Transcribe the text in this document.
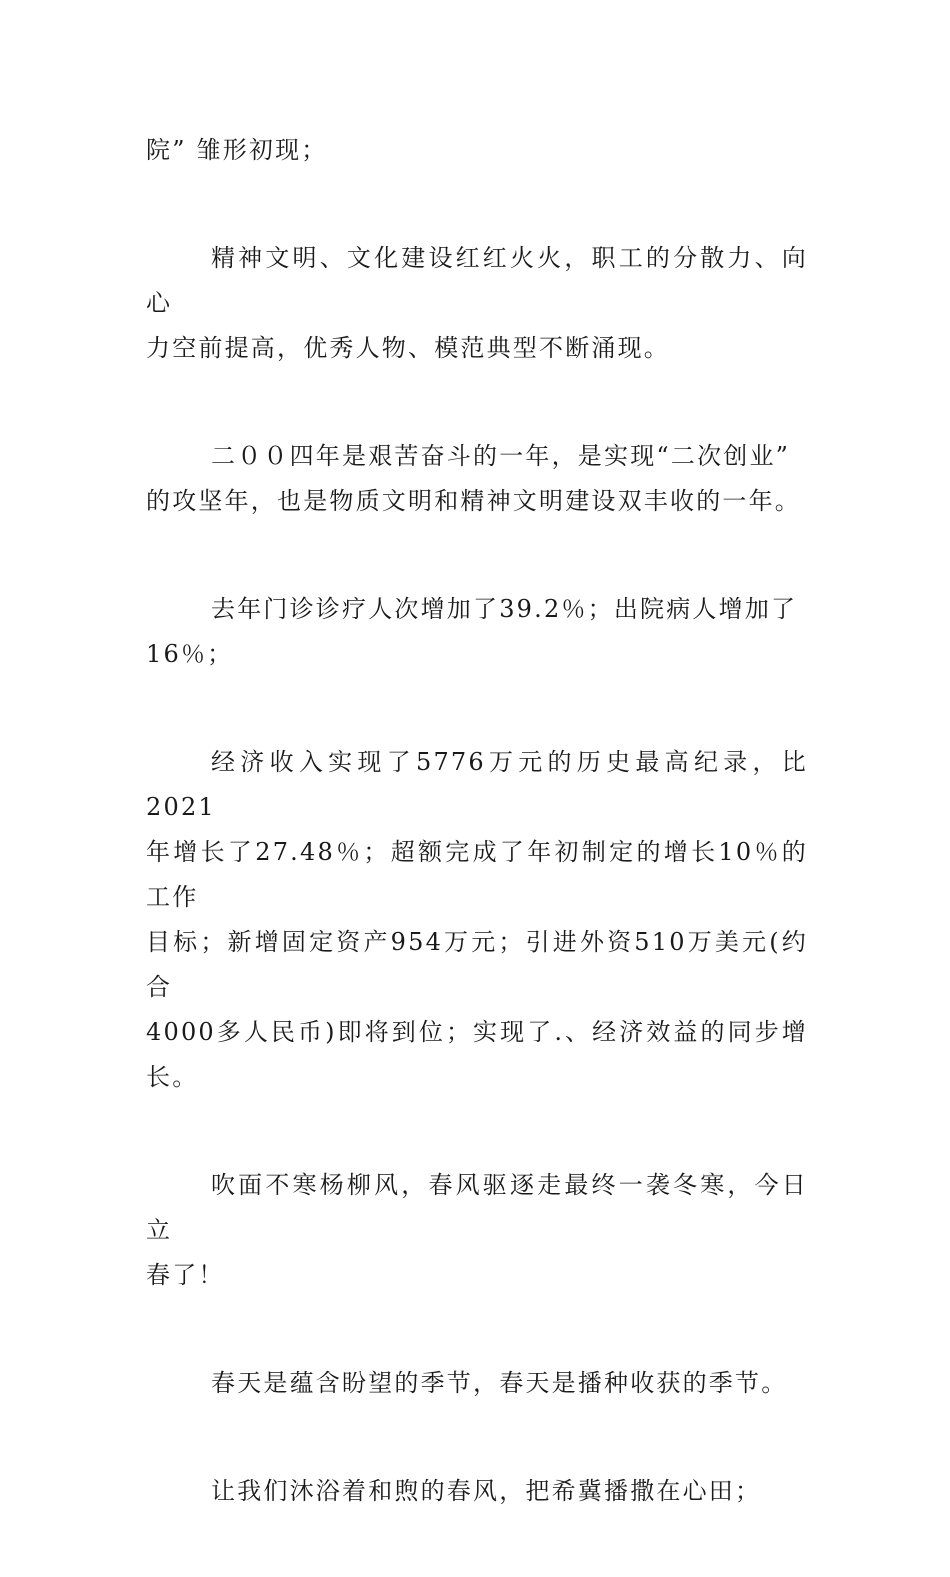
院” 雏形初现；

精神文明、文化建设红红火火，职工的分散力、向心
力空前提高，优秀人物、模范典型不断涌现。

二００四年是艰苦奋斗的一年，是实现“二次创业”
的攻坚年，也是物质文明和精神文明建设双丰收的一年。

去年门诊诊疗人次增加了39.2％；出院病人增加了
16％；

经济收入实现了5776万元的历史最高纪录，比2021
年增长了27.48％；超额完成了年初制定的增长10％的工作
目标；新增固定资产954万元；引进外资510万美元(约合
4000多人民币)即将到位；实现了.、经济效益的同步增长。

吹面不寒杨柳风，春风驱逐走最终一袭冬寒，今日立
春了！

春天是蕴含盼望的季节，春天是播种收获的季节。

让我们沐浴着和煦的春风，把希冀播撒在心田；
